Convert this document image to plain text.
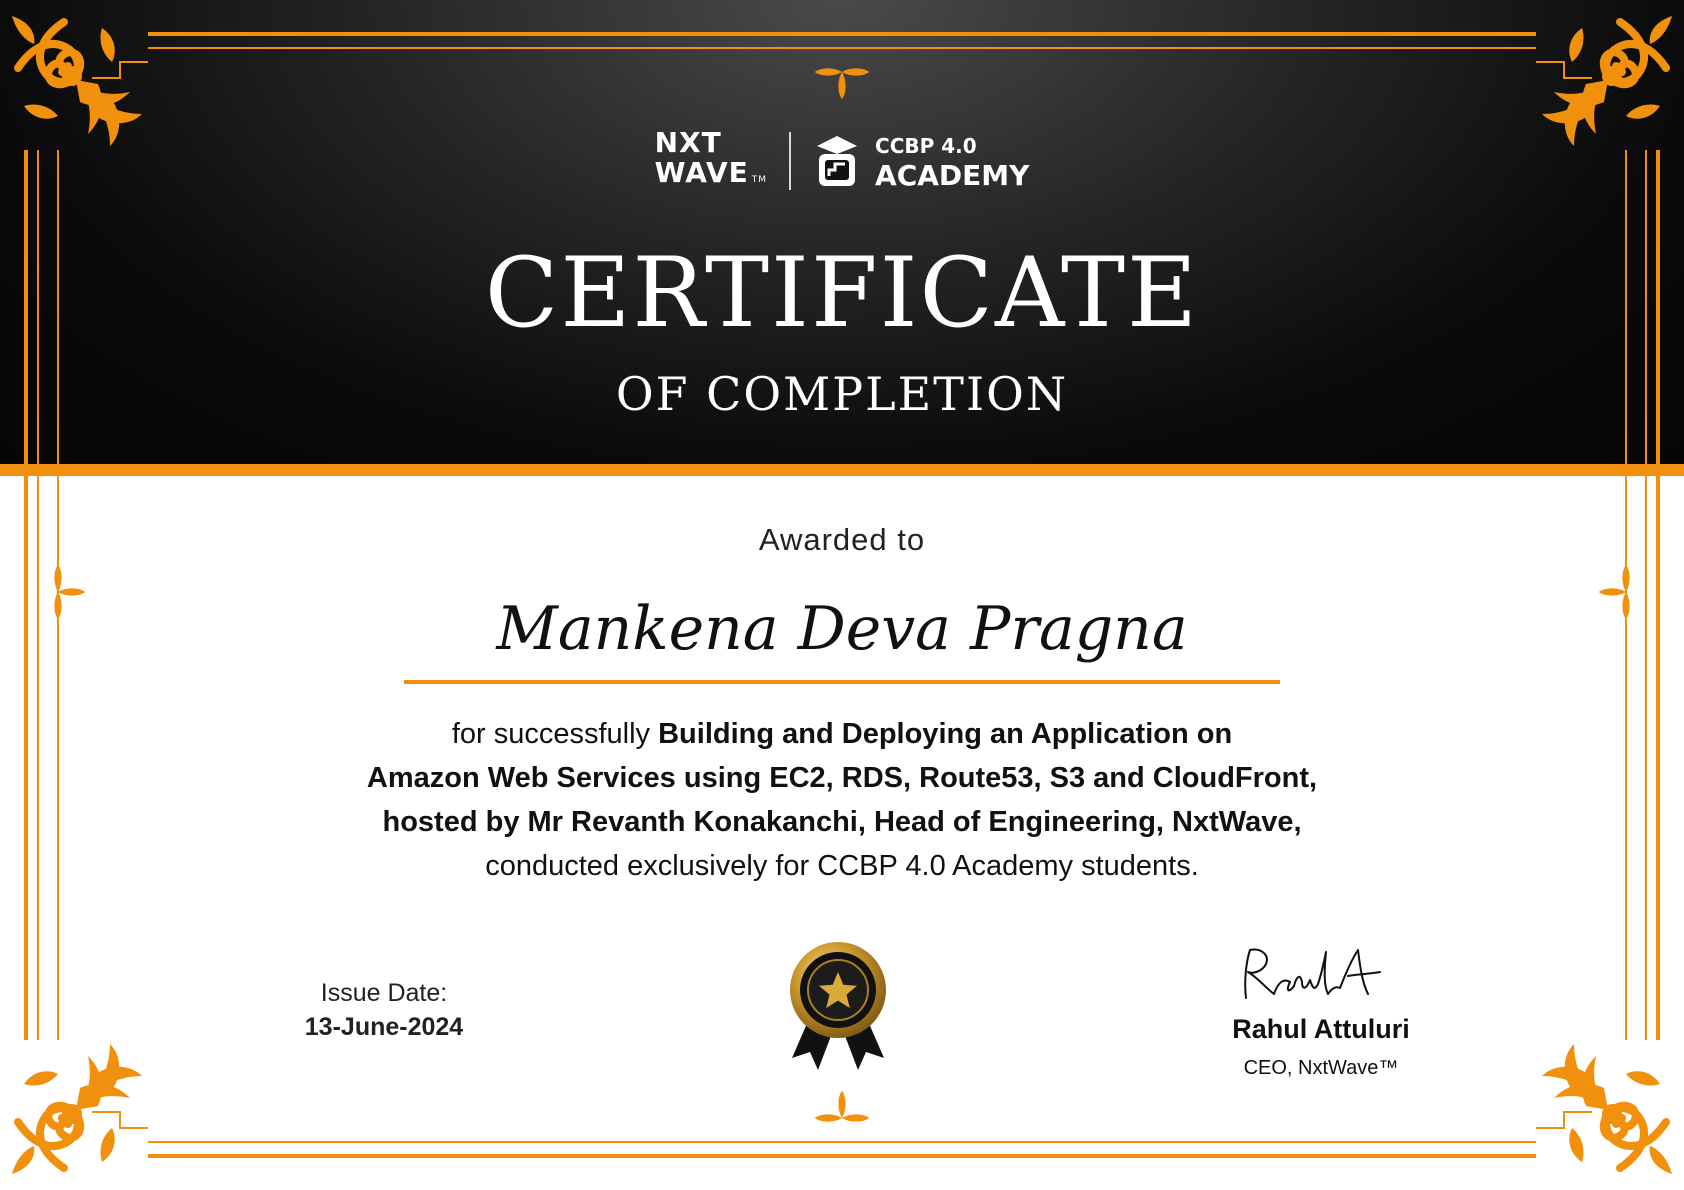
NXT
WAVE TM
CCBP 4.0
ACADEMY
CERTIFICATE
OF COMPLETION
Awarded to
Mankena Deva Pragna
for successfully Building and Deploying an Application on
Amazon Web Services using EC2, RDS, Route53, S3 and CloudFront,
hosted by Mr Revanth Konakanchi, Head of Engineering, NxtWave,
conducted exclusively for CCBP 4.0 Academy students.
Issue Date:
13-June-2024	Rahul Attuluri
CEO, NxtWave™
